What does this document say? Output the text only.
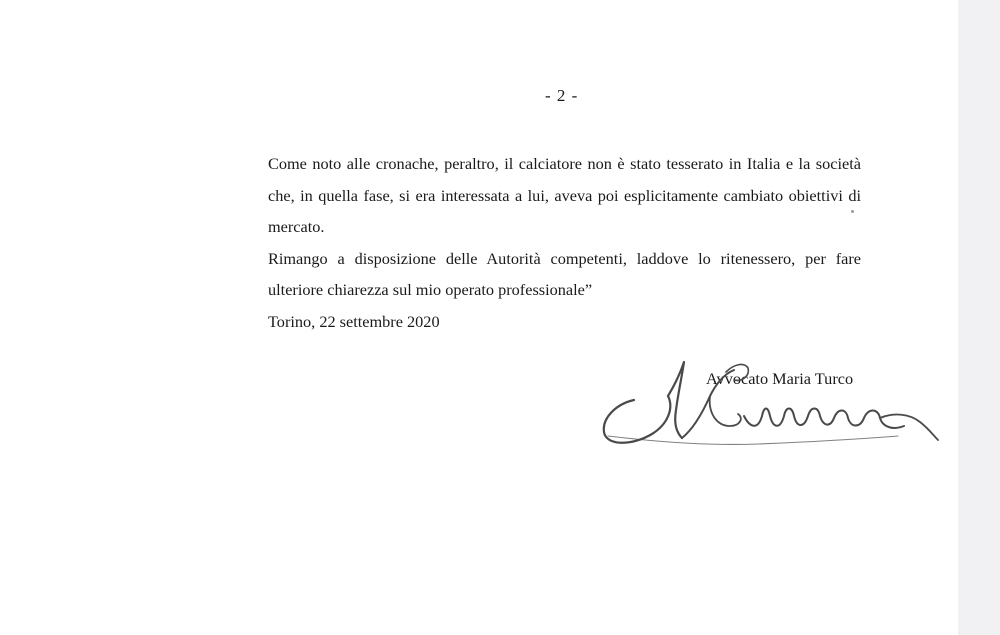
- 2 -

Come noto alle cronache, peraltro, il calciatore non è stato tesserato in Italia e la società che, in quella fase, si era interessata a lui, aveva poi esplicitamente cambiato obiettivi di mercato.

Rimango a disposizione delle Autorità competenti, laddove lo ritenessero, per fare ulteriore chiarezza sul mio operato professionale”

Torino, 22 settembre 2020

Avvocato Maria Turco
